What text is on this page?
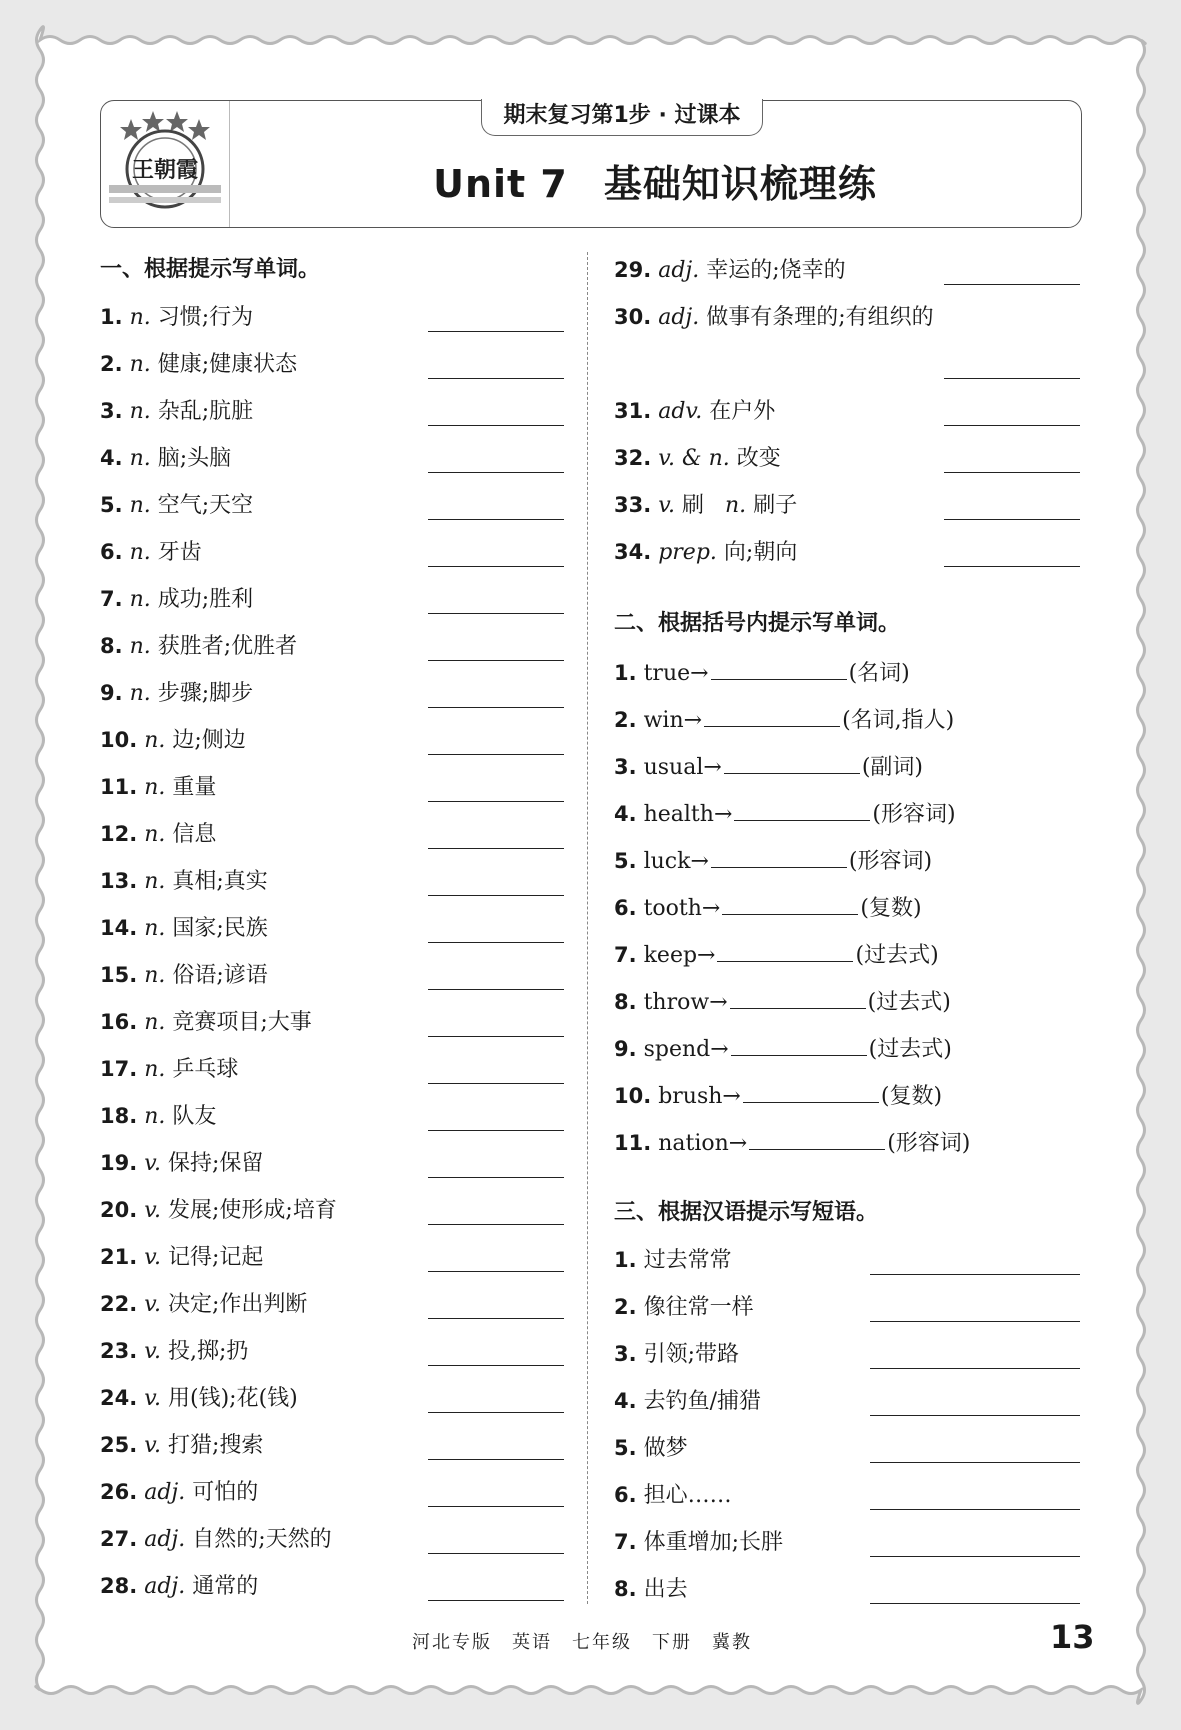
王朝霞
期末复习第1步 · 过课本
Unit 7 基础知识梳理练
一、根据提示写单词。
1. n. 习惯;行为
2. n. 健康;健康状态
3. n. 杂乱;肮脏
4. n. 脑;头脑
5. n. 空气;天空
6. n. 牙齿
7. n. 成功;胜利
8. n. 获胜者;优胜者
9. n. 步骤;脚步
10. n. 边;侧边
11. n. 重量
12. n. 信息
13. n. 真相;真实
14. n. 国家;民族
15. n. 俗语;谚语
16. n. 竞赛项目;大事
17. n. 乒乓球
18. n. 队友
19. v. 保持;保留
20. v. 发展;使形成;培育
21. v. 记得;记起
22. v. 决定;作出判断
23. v. 投,掷;扔
24. v. 用(钱);花(钱)
25. v. 打猎;搜索
26. adj. 可怕的
27. adj. 自然的;天然的
28. adj. 通常的
29. adj. 幸运的;侥幸的
30. adj. 做事有条理的;有组织的
31. adv. 在户外
32. v. & n. 改变
33. v. 刷 n. 刷子
34. prep. 向;朝向
二、根据括号内提示写单词。
1. true→	(名词)
2. win→	(名词,指人)
3. usual→	(副词)
4. health→	(形容词)
5. luck→	(形容词)
6. tooth→	(复数)
7. keep→	(过去式)
8. throw→	(过去式)
9. spend→	(过去式)
10. brush→	(复数)
11. nation→	(形容词)
三、根据汉语提示写短语。
1. 过去常常
2. 像往常一样
3. 引领;带路
4. 去钓鱼/捕猎
5. 做梦
6. 担心……
7. 体重增加;长胖
8. 出去
河北专版　英语　七年级　下册　冀教	13
